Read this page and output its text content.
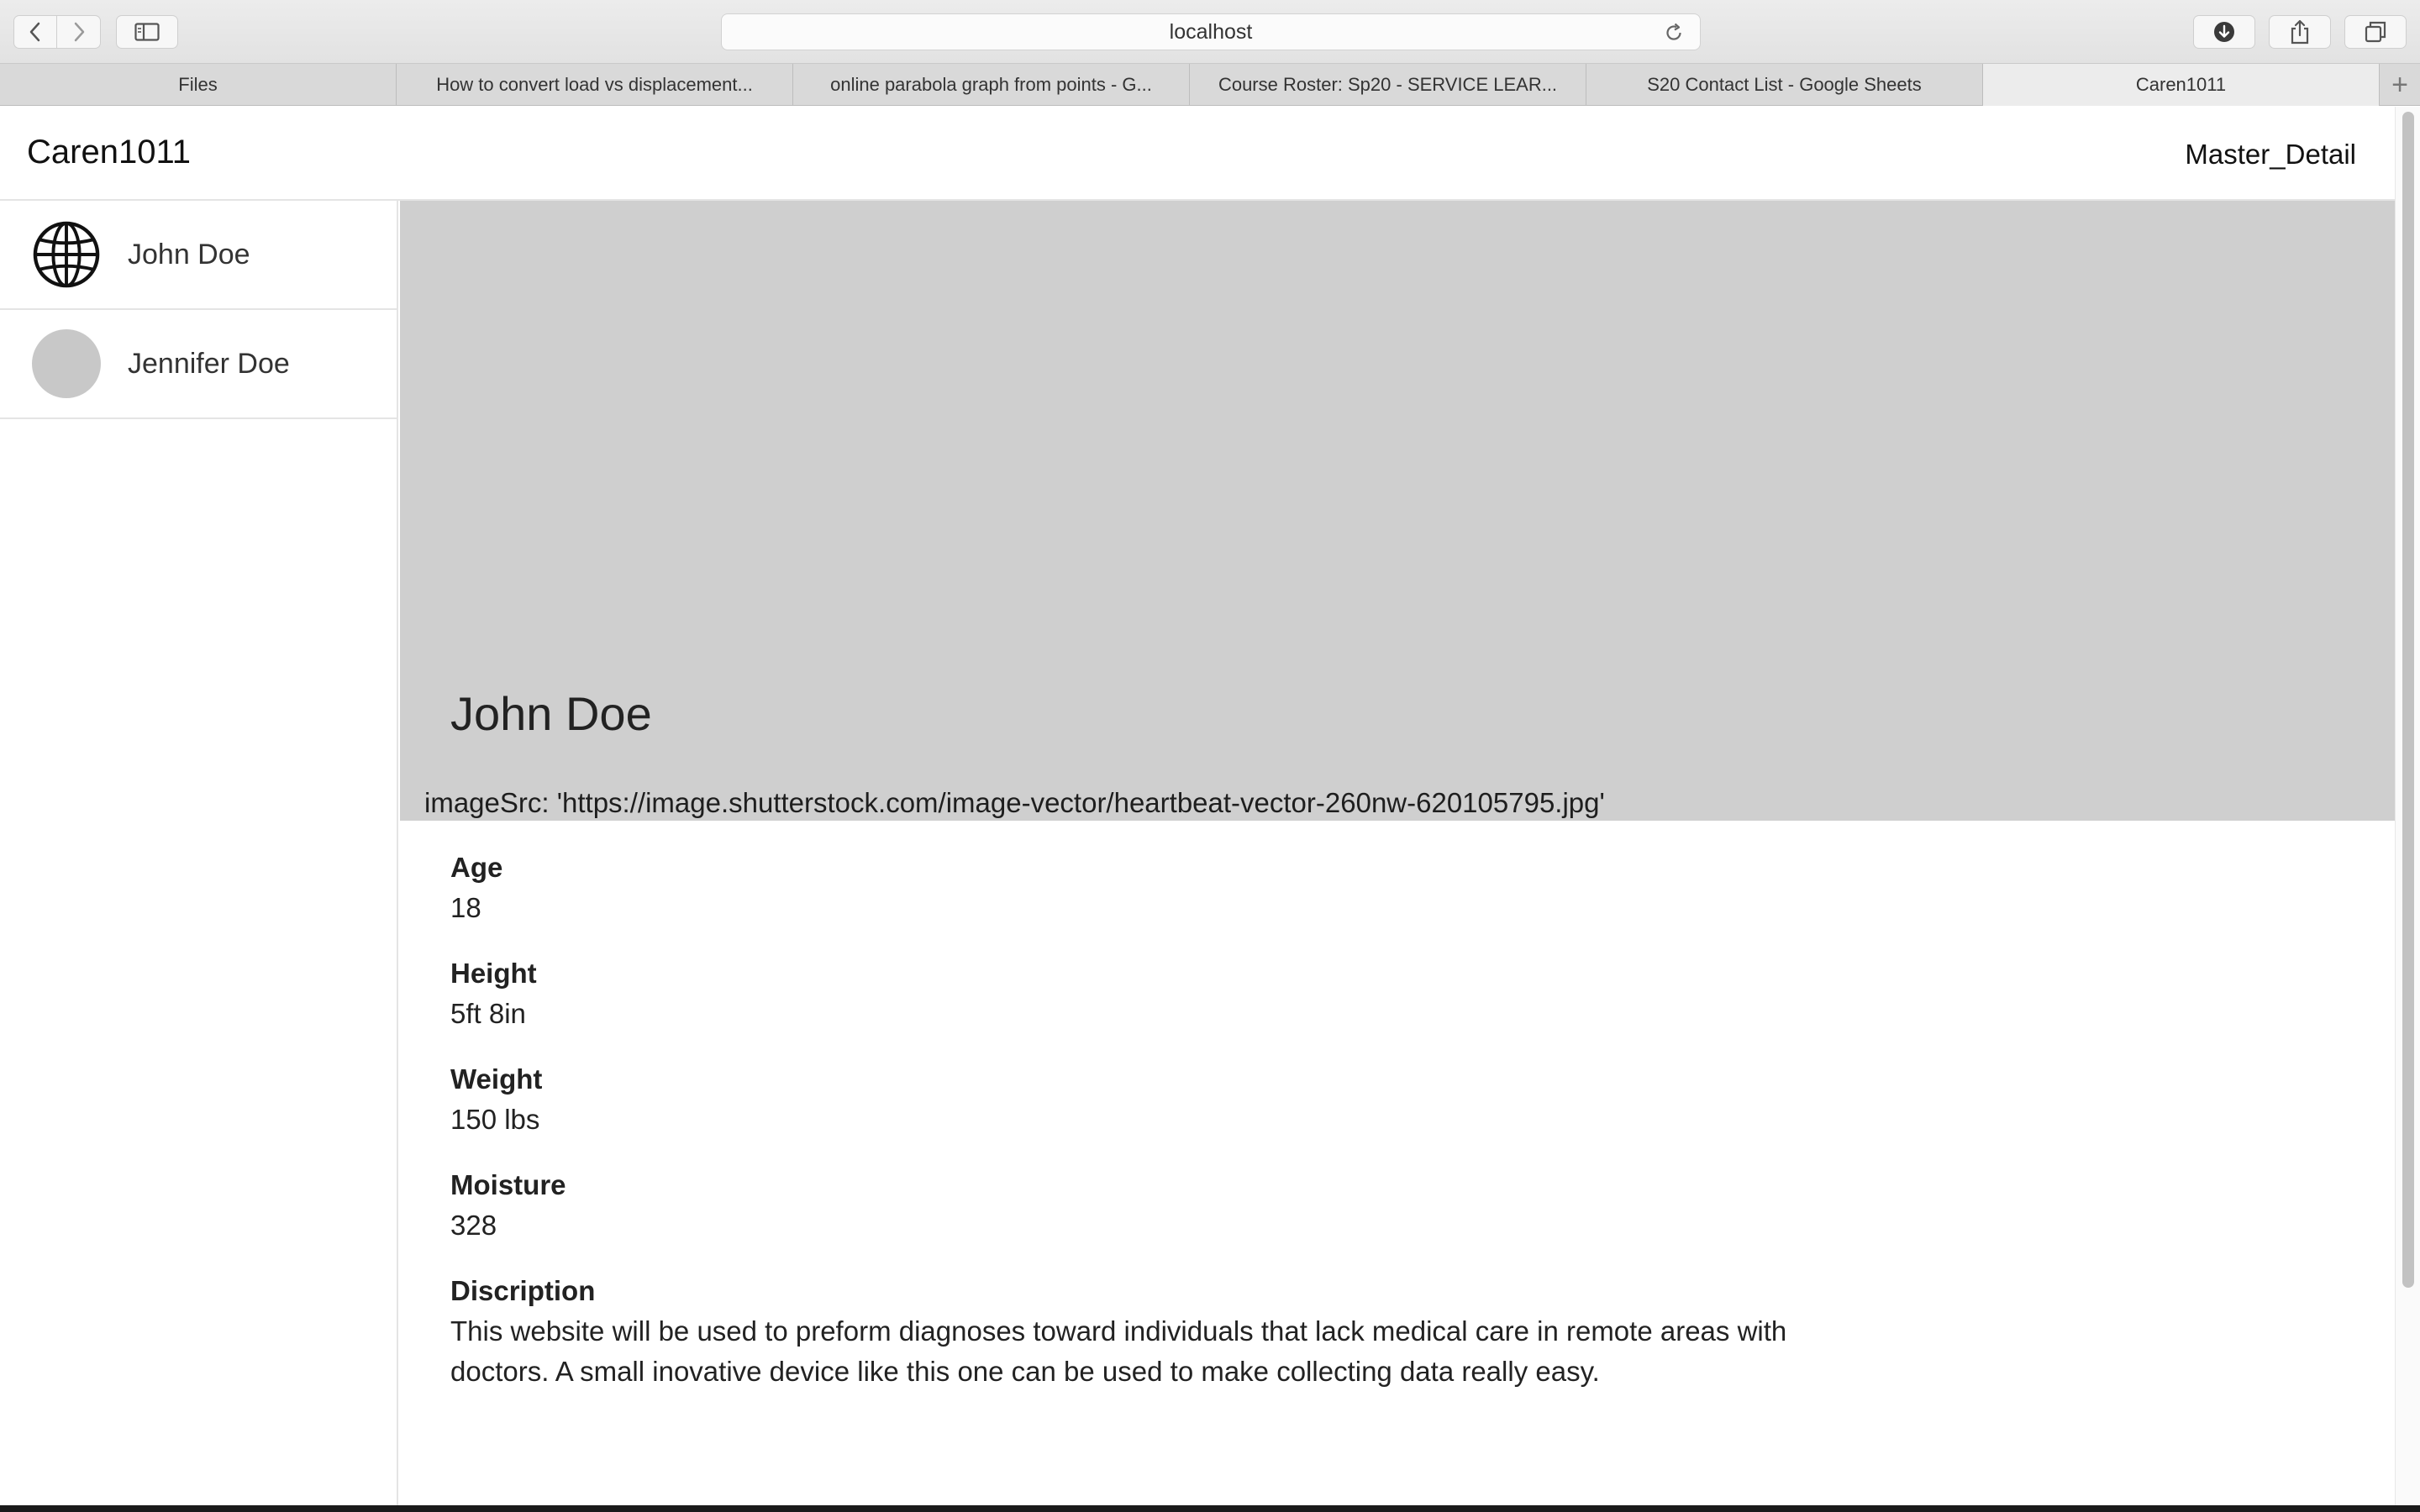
localhost
Files	How to convert load vs displacement...	online parabola graph from points - G...	Course Roster: Sp20 - SERVICE LEAR...	S20 Contact List - Google Sheets	Caren1011	+
Caren1011	Master_Detail
John Doe
Jennifer Doe
John Doe
imageSrc: 'https://image.shutterstock.com/image-vector/heartbeat-vector-260nw-620105795.jpg'
Age
18
Height
5ft 8in
Weight
150 lbs
Moisture
328
Discription
This website will be used to preform diagnoses toward individuals that lack medical care in remote areas with doctors. A small inovative device like this one can be used to make collecting data really easy.
